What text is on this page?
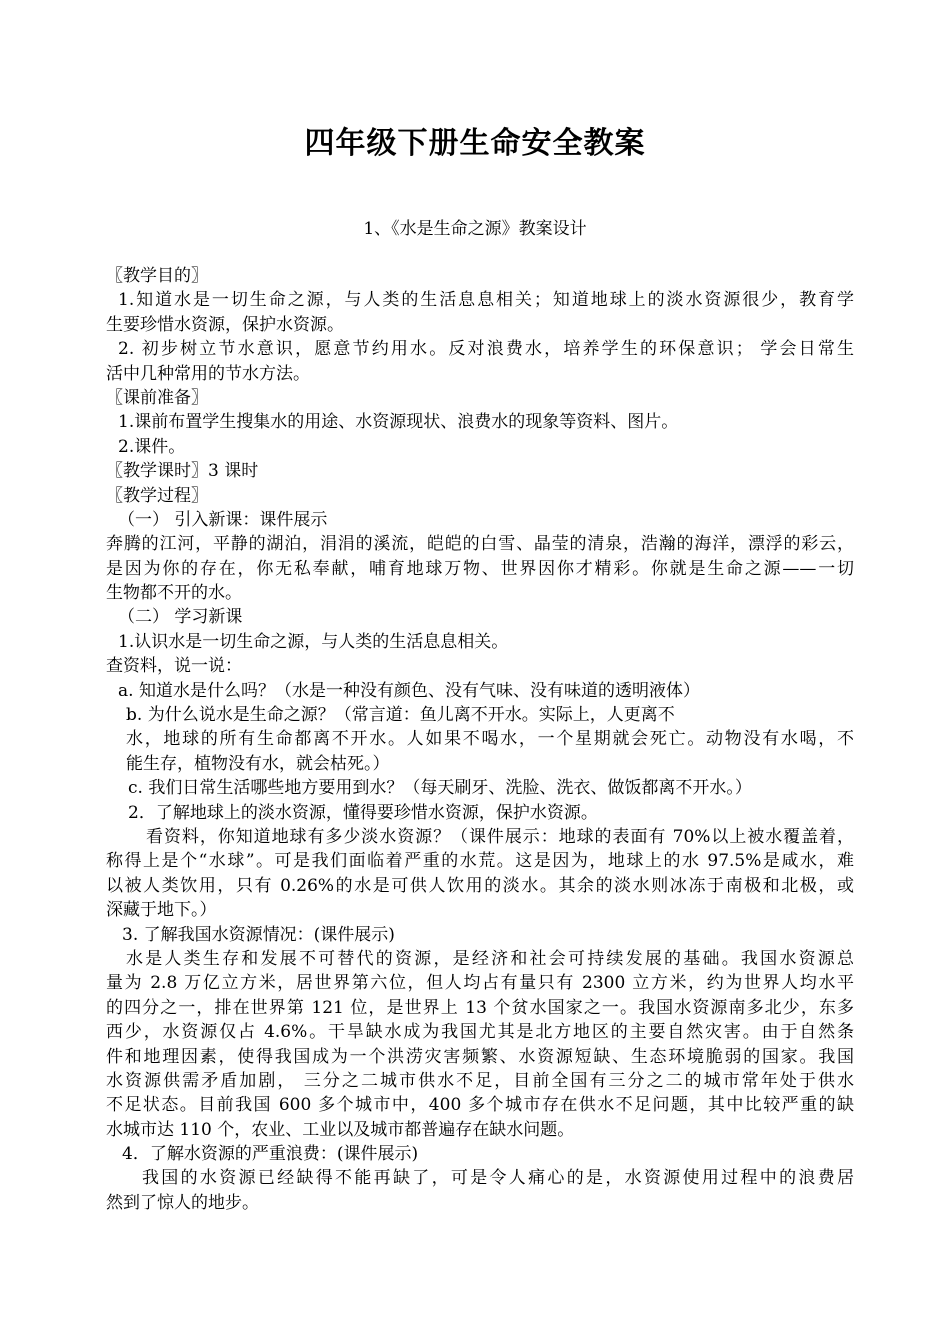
四年级下册生命安全教案

1、《水是生命之源》教案设计

〖教学目的〗
1.知道水是一切生命之源，与人类的生活息息相关；知道地球上的淡水资源很少，教育学
生要珍惜水资源，保护水资源。
2. 初步树立节水意识，愿意节约用水。反对浪费水，培养学生的环保意识； 学会日常生
活中几种常用的节水方法。
〖课前准备〗
1.课前布置学生搜集水的用途、水资源现状、浪费水的现象等资料、图片。
2.课件。
〖教学课时〗3 课时
〖教学过程〗
（一） 引入新课：课件展示
奔腾的江河，平静的湖泊，涓涓的溪流，皑皑的白雪、晶莹的清泉，浩瀚的海洋，漂浮的彩云，
是因为你的存在，你无私奉献，哺育地球万物、世界因你才精彩。你就是生命之源——一切
生物都不开的水。
（二） 学习新课
1.认识水是一切生命之源，与人类的生活息息相关。
查资料，说一说：
a. 知道水是什么吗？（水是一种没有颜色、没有气味、没有味道的透明液体）
b. 为什么说水是生命之源？（常言道：鱼儿离不开水。实际上，人更离不
水，地球的所有生命都离不开水。人如果不喝水，一个星期就会死亡。动物没有水喝，不
能生存，植物没有水，就会枯死。）
c. 我们日常生活哪些地方要用到水？（每天刷牙、洗脸、洗衣、做饭都离不开水。）
2．了解地球上的淡水资源，懂得要珍惜水资源，保护水资源。
看资料，你知道地球有多少淡水资源？（课件展示：地球的表面有 70%以上被水覆盖着，
称得上是个“水球”。可是我们面临着严重的水荒。这是因为，地球上的水 97.5%是咸水，难
以被人类饮用，只有 0.26%的水是可供人饮用的淡水。其余的淡水则冰冻于南极和北极，或
深藏于地下。）
3. 了解我国水资源情况：(课件展示)
水是人类生存和发展不可替代的资源，是经济和社会可持续发展的基础。我国水资源总
量为 2.8 万亿立方米，居世界第六位，但人均占有量只有 2300 立方米，约为世界人均水平
的四分之一，排在世界第 121 位，是世界上 13 个贫水国家之一。我国水资源南多北少，东多
西少，水资源仅占 4.6%。干旱缺水成为我国尤其是北方地区的主要自然灾害。由于自然条
件和地理因素，使得我国成为一个洪涝灾害频繁、水资源短缺、生态环境脆弱的国家。我国
水资源供需矛盾加剧， 三分之二城市供水不足，目前全国有三分之二的城市常年处于供水
不足状态。目前我国 600 多个城市中，400 多个城市存在供水不足问题，其中比较严重的缺
水城市达 110 个，农业、工业以及城市都普遍存在缺水问题。
4．了解水资源的严重浪费：(课件展示)
我国的水资源已经缺得不能再缺了，可是令人痛心的是，水资源使用过程中的浪费居
然到了惊人的地步。
